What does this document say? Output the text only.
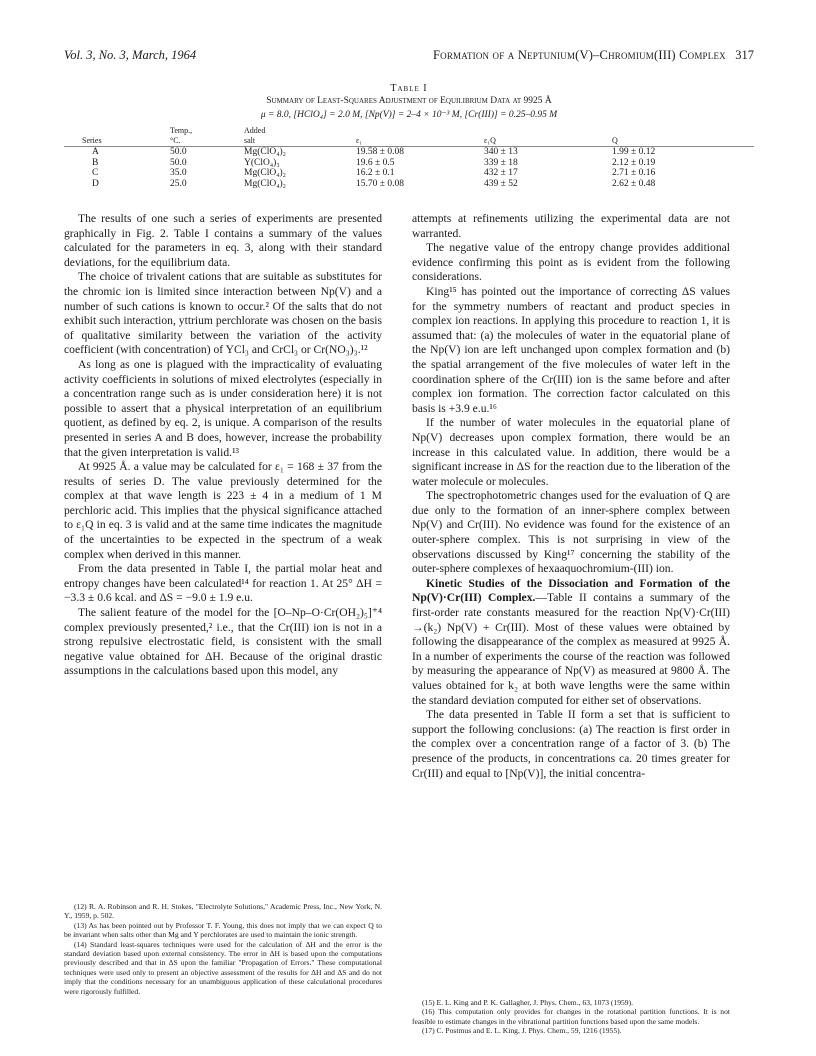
Vol. 3, No. 3, March, 1964	Formation of a Neptunium(V)–Chromium(III) Complex 317
Table I
Summary of Least-Squares Adjustment of Equilibrium Data at 9925 Å
μ = 8.0, [HClO₄] = 2.0 M, [Np(V)] = 2–4 × 10⁻³ M, [Cr(III)] = 0.25–0.95 M
	Temp.,	Added			
Series	°C.	salt	ε₁	ε₁Q	Q
A	50.0	Mg(ClO₄)₂	19.58 ± 0.08	340 ± 13	1.99 ± 0.12
B	50.0	Y(ClO₄)₃	19.6 ± 0.5	339 ± 18	2.12 ± 0.19
C	35.0	Mg(ClO₄)₂	16.2 ± 0.1	432 ± 17	2.71 ± 0.16
D	25.0	Mg(ClO₄)₂	15.70 ± 0.08	439 ± 52	2.62 ± 0.48

The results of one such a series of experiments are presented graphically in Fig. 2. Table I contains a summary of the values calculated for the parameters in eq. 3, along with their standard deviations, for the equilibrium data.

The choice of trivalent cations that are suitable as substitutes for the chromic ion is limited since interaction between Np(V) and a number of such cations is known to occur.² Of the salts that do not exhibit such interaction, yttrium perchlorate was chosen on the basis of qualitative similarity between the variation of the activity coefficient (with concentration) of YCl₃ and CrCl₃ or Cr(NO₃)₃.¹²

As long as one is plagued with the impracticality of evaluating activity coefficients in solutions of mixed electrolytes (especially in a concentration range such as is under consideration here) it is not possible to assert that a physical interpretation of an equilibrium quotient, as defined by eq. 2, is unique. A comparison of the results presented in series A and B does, however, increase the probability that the given interpretation is valid.¹³

At 9925 Å. a value may be calculated for ε₁ = 168 ± 37 from the results of series D. The value previously determined for the complex at that wave length is 223 ± 4 in a medium of 1 M perchloric acid. This implies that the physical significance attached to ε₁Q in eq. 3 is valid and at the same time indicates the magnitude of the uncertainties to be expected in the spectrum of a weak complex when derived in this manner.

From the data presented in Table I, the partial molar heat and entropy changes have been calculated¹⁴ for reaction 1. At 25° ΔH = −3.3 ± 0.6 kcal. and ΔS = −9.0 ± 1.9 e.u.

The salient feature of the model for the [O–Np–O·Cr(OH₂)₅]⁺⁴ complex previously presented,² i.e., that the Cr(III) ion is not in a strong repulsive electrostatic field, is consistent with the small negative value obtained for ΔH. Because of the original drastic assumptions in the calculations based upon this model, any

attempts at refinements utilizing the experimental data are not warranted.

The negative value of the entropy change provides additional evidence confirming this point as is evident from the following considerations.

King¹⁵ has pointed out the importance of correcting ΔS values for the symmetry numbers of reactant and product species in complex ion reactions. In applying this procedure to reaction 1, it is assumed that: (a) the molecules of water in the equatorial plane of the Np(V) ion are left unchanged upon complex formation and (b) the spatial arrangement of the five molecules of water left in the coordination sphere of the Cr(III) ion is the same before and after complex ion formation. The correction factor calculated on this basis is +3.9 e.u.¹⁶

If the number of water molecules in the equatorial plane of Np(V) decreases upon complex formation, there would be an increase in this calculated value. In addition, there would be a significant increase in ΔS for the reaction due to the liberation of the water molecule or molecules.

The spectrophotometric changes used for the evaluation of Q are due only to the formation of an inner-sphere complex between Np(V) and Cr(III). No evidence was found for the existence of an outer-sphere complex. This is not surprising in view of the observations discussed by King¹⁷ concerning the stability of the outer-sphere complexes of hexaaquochromium-(III) ion.

Kinetic Studies of the Dissociation and Formation of the Np(V)·Cr(III) Complex.—Table II contains a summary of the first-order rate constants measured for the reaction Np(V)·Cr(III) →(k₂) Np(V) + Cr(III). Most of these values were obtained by following the disappearance of the complex as measured at 9925 Å. In a number of experiments the course of the reaction was followed by measuring the appearance of Np(V) as measured at 9800 Å. The values obtained for k₂ at both wave lengths were the same within the standard deviation computed for either set of observations.

The data presented in Table II form a set that is sufficient to support the following conclusions: (a) The reaction is first order in the complex over a concentration range of a factor of 3. (b) The presence of the products, in concentrations ca. 20 times greater for Cr(III) and equal to [Np(V)], the initial concentra-

(12) R. A. Robinson and R. H. Stokes, "Electrolyte Solutions," Academic Press, Inc., New York, N. Y., 1959, p. 502.

(13) As has been pointed out by Professor T. F. Young, this does not imply that we can expect Q to be invariant when salts other than Mg and Y perchlorates are used to maintain the ionic strength.

(14) Standard least-squares techniques were used for the calculation of ΔH and the error is the standard deviation based upon external consistency. The error in ΔH is based upon the computations previously described and that in ΔS upon the familiar "Propagation of Errors." These computational techniques were used only to present an objective assessment of the results for ΔH and ΔS and do not imply that the conditions necessary for an unambiguous application of these calculational procedures were rigorously fulfilled.

(15) E. L. King and P. K. Gallagher, J. Phys. Chem., 63, 1073 (1959).

(16) This computation only provides for changes in the rotational partition functions. It is not feasible to estimate changes in the vibrational partition functions based upon the same models.

(17) C. Postmus and E. L. King, J. Phys. Chem., 59, 1216 (1955).
